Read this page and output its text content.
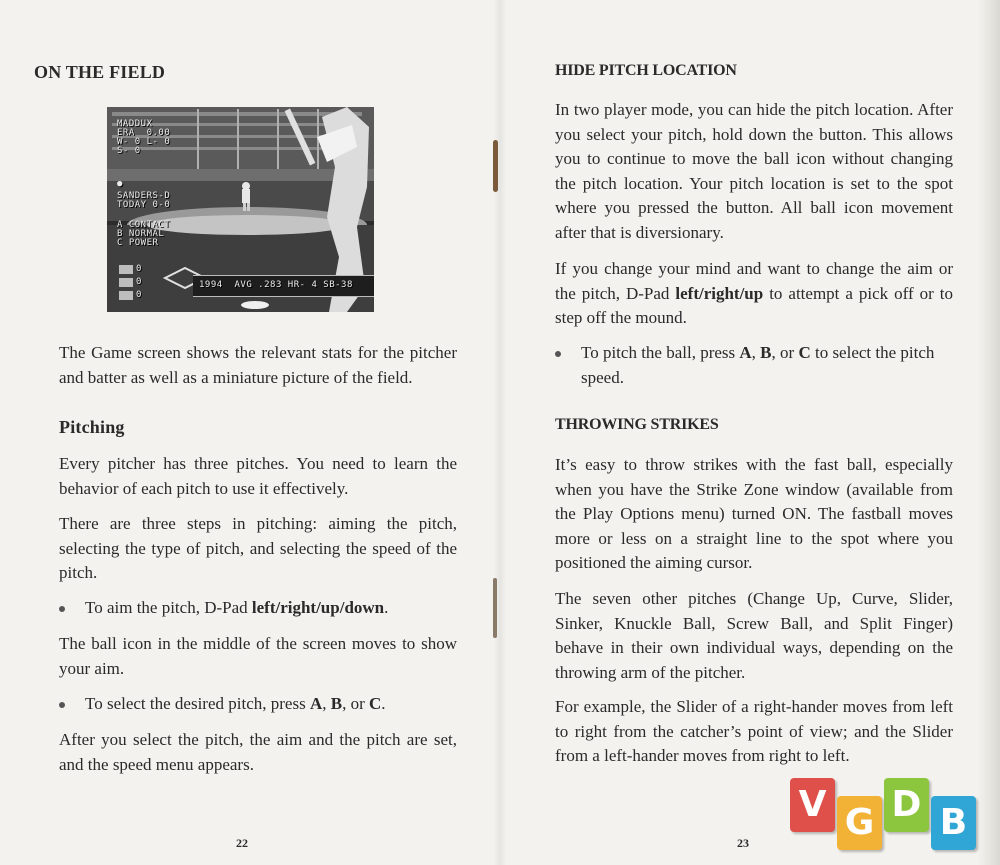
ON THE FIELD
MADDUX
ERA  0.00
W- 0 L- 0
S- 0
●
SANDERS-D
TODAY 0-0
A CONTACT
B NORMAL
C POWER
0
0
0
1994  AVG .283 HR- 4 SB-38

The Game screen shows the relevant stats for the pitcher and batter as well as a miniature picture of the field.

Pitching

Every pitcher has three pitches. You need to learn the behavior of each pitch to use it effectively.

There are three steps in pitching: aiming the pitch, selecting the type of pitch, and selecting the speed of the pitch.

To aim the pitch, D-Pad left/right/up/down.

The ball icon in the middle of the screen moves to show your aim.

To select the desired pitch, press A, B, or C.

After you select the pitch, the aim and the pitch are set, and the speed menu appears.

22
HIDE PITCH LOCATION

In two player mode, you can hide the pitch location. After you select your pitch, hold down the button. This allows you to continue to move the ball icon without changing the pitch location. Your pitch location is set to the spot where you pressed the button. All ball icon movement after that is diversionary.

If you change your mind and want to change the aim or the pitch, D-Pad left/right/up to attempt a pick off or to step off the mound.

To pitch the ball, press A, B, or C to select the pitch speed.
THROWING STRIKES

It’s easy to throw strikes with the fast ball, especially when you have the Strike Zone window (available from the Play Options menu) turned ON. The fastball moves more or less on a straight line to the spot where you positioned the aiming cursor.

The seven other pitches (Change Up, Curve, Slider, Sinker, Knuckle Ball, Screw Ball, and Split Finger) behave in their own individual ways, depending on the throwing arm of the pitcher.

For example, the Slider of a right-hander moves from left to right from the catcher’s point of view; and the Slider from a left-hander moves from right to left.

23
V G D B
